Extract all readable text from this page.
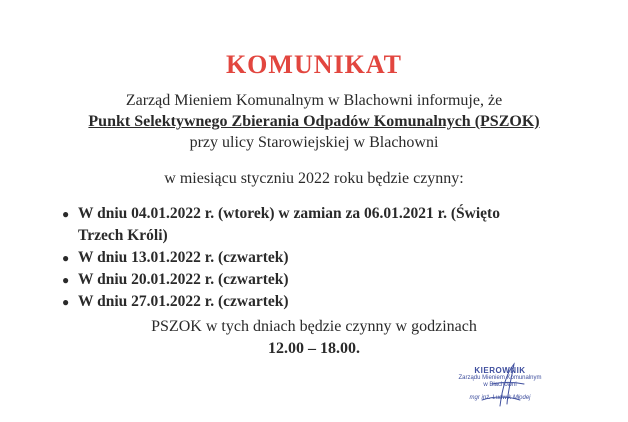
KOMUNIKAT
Zarząd Mieniem Komunalnym w Blachowni informuje, że
Punkt Selektywnego Zbierania Odpadów Komunalnych (PSZOK)
przy ulicy Starowiejskiej w Blachowni
w miesiącu styczniu 2022 roku będzie czynny:
● W dniu 04.01.2022 r. (wtorek) w zamian za 06.01.2021 r. (Święto
Trzech Króli)
● W dniu 13.01.2022 r. (czwartek)
● W dniu 20.01.2022 r. (czwartek)
● W dniu 27.01.2022 r. (czwartek)
PSZOK w tych dniach będzie czynny w godzinach
12.00 – 18.00.
KIEROWNIK
Zarządu Mieniem Komunalnym
w Blachowni
mgr inż. Ludwik Młodej
